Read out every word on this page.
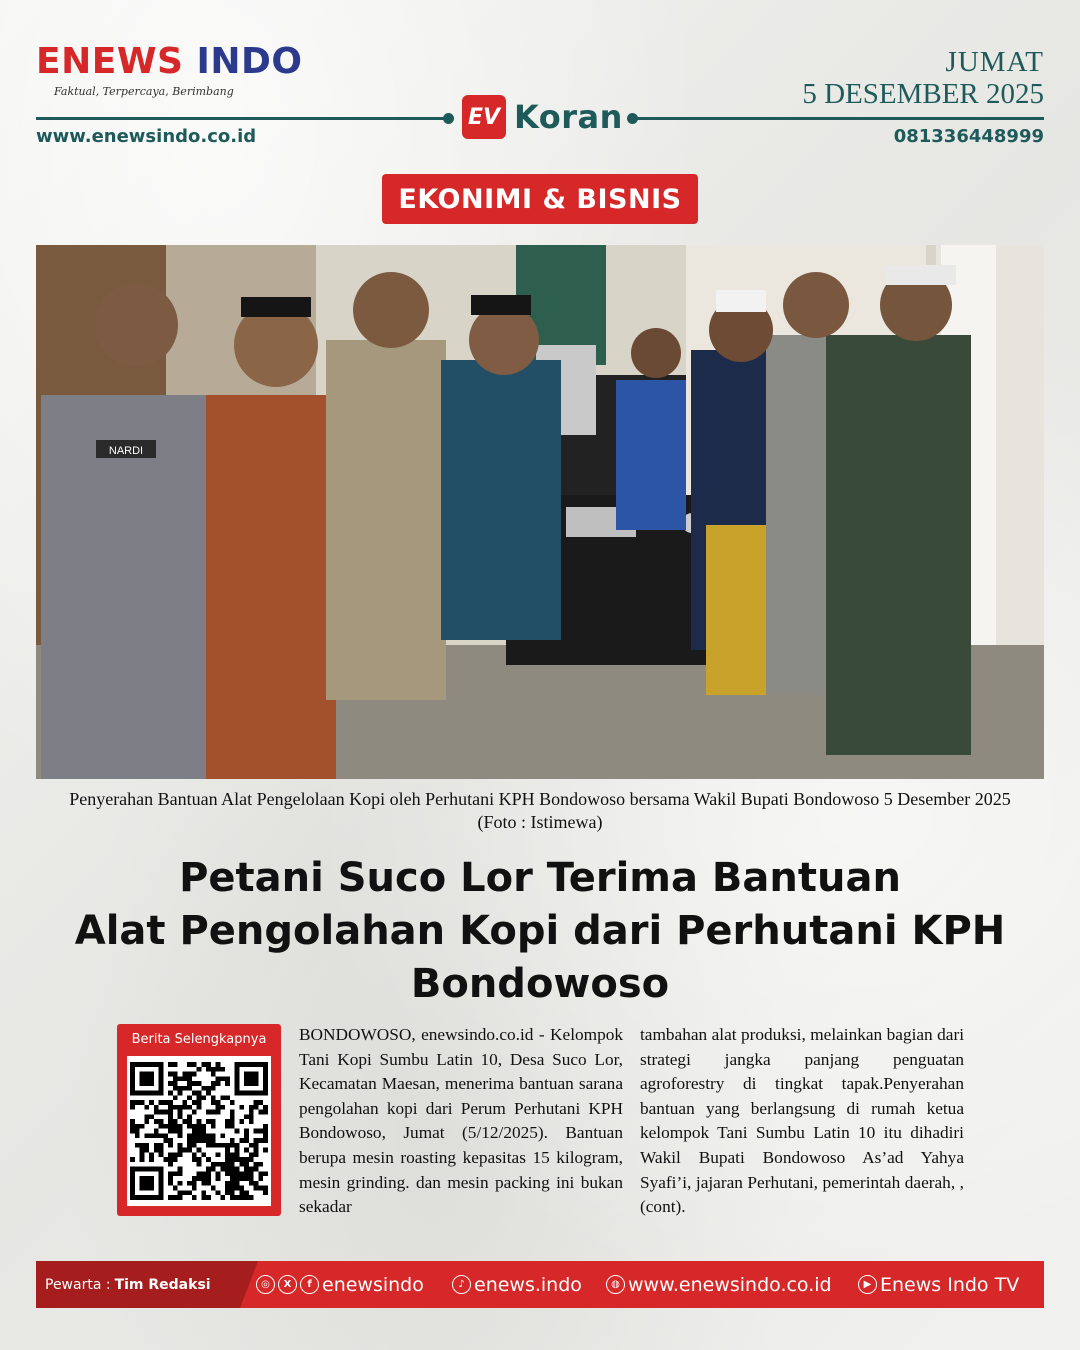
ENEWS INDO
Faktual, Terpercaya, Berimbang
JUMAT
5 DESEMBER 2025
EV Koran
www.enewsindo.co.id	081336448999
EKONIMI & BISNIS
NARDI
Penyerahan Bantuan Alat Pengelolaan Kopi oleh Perhutani KPH Bondowoso bersama Wakil Bupati Bondowoso 5 Desember 2025 (Foto : Istimewa)
Petani Suco Lor Terima Bantuan
Alat Pengolahan Kopi dari Perhutani KPH
Bondowoso
Berita Selengkapnya	BONDOWOSO, enewsindo.co.id - Kelompok Tani Kopi Sumbu Latin 10, Desa Suco Lor, Kecamatan Maesan, menerima bantuan sarana pengolahan kopi dari Perum Perhutani KPH Bondowoso, Jumat (5/12/2025). Bantuan berupa mesin roasting kepasitas 15 kilogram, mesin grinding. dan mesin packing ini bukan sekadar
tambahan alat produksi, melainkan bagian dari strategi jangka panjang penguatan agroforestry di tingkat tapak.Penyerahan bantuan yang berlangsung di rumah ketua kelompok Tani Sumbu Latin 10 itu dihadiri Wakil Bupati Bondowoso As’ad Yahya Syafi’i, jajaran Perhutani, pemerintah daerah, , (cont).
Pewarta : Tim Redaksi	◎	X	f enewsindo	♪ enews.indo	◍ www.enewsindo.co.id	▶ Enews Indo TV
